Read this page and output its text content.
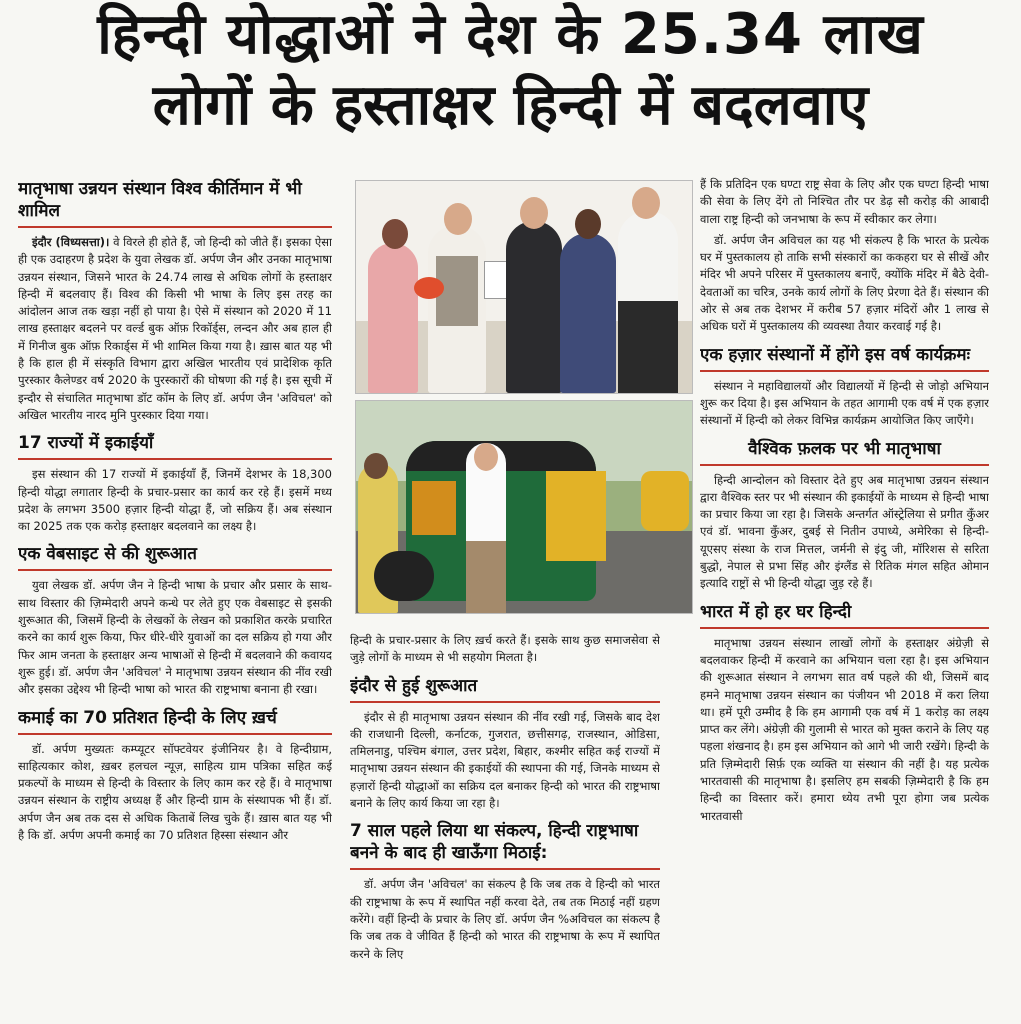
हिन्दी योद्धाओं ने देश के 25.34 लाख
लोगों के हस्ताक्षर हिन्दी में बदलवाए
मातृभाषा उन्नयन संस्थान विश्व कीर्तिमान में भी शामिल

इंदौर (विध्यसत्ता)। वे विरले ही होते हैं, जो हिन्दी को जीते हैं। इसका ऐसा ही एक उदाहरण है प्रदेश के युवा लेखक डॉ. अर्पण जैन और उनका मातृभाषा उन्नयन संस्थान, जिसने भारत के 24.74 लाख से अधिक लोगों के हस्ताक्षर हिन्दी में बदलवाए हैं। विश्व की किसी भी भाषा के लिए इस तरह का आंदोलन आज तक खड़ा नहीं हो पाया है। ऐसे में संस्थान को 2020 में 11 लाख हस्ताक्षर बदलने पर वर्ल्ड बुक ऑफ़ रिकॉर्ड्स, लन्दन और अब हाल ही में गिनीज बुक ऑफ़ रिकार्ड्स में भी शामिल किया गया है। ख़ास बात यह भी है कि हाल ही में संस्कृति विभाग द्वारा अखिल भारतीय एवं प्रादेशिक कृति पुरस्कार कैलेण्डर वर्ष 2020 के पुरस्कारों की घोषणा की गई है। इस सूची में इन्दौर से संचालित मातृभाषा डॉट कॉम के लिए डॉ. अर्पण जैन 'अविचल' को अखिल भारतीय नारद मुनि पुरस्कार दिया गया।

17 राज्यों में इकाईयाँ

इस संस्थान की 17 राज्यों में इकाईयाँ हैं, जिनमें देशभर के 18,300 हिन्दी योद्धा लगातार हिन्दी के प्रचार-प्रसार का कार्य कर रहे हैं। इसमें मध्य प्रदेश के लगभग 3500 हज़ार हिन्दी योद्धा हैं, जो सक्रिय हैं। अब संस्थान का 2025 तक एक करोड़ हस्ताक्षर बदलवाने का लक्ष्य है।

एक वेबसाइट से की शुरूआत

युवा लेखक डॉ. अर्पण जैन ने हिन्दी भाषा के प्रचार और प्रसार के साथ-साथ विस्तार की ज़िम्मेदारी अपने कन्धे पर लेते हुए एक वेबसाइट से इसकी शुरूआत की, जिसमें हिन्दी के लेखकों के लेखन को प्रकाशित करके प्रचारित करने का कार्य शुरू किया, फिर धीरे-धीरे युवाओं का दल सक्रिय हो गया और फिर आम जनता के हस्ताक्षर अन्य भाषाओं से हिन्दी में बदलवाने की कवायद शुरू हुई। डॉ. अर्पण जैन 'अविचल' ने मातृभाषा उन्नयन संस्थान की नींव रखी और इसका उद्देश्य भी हिन्दी भाषा को भारत की राष्ट्रभाषा बनाना ही रखा।

कमाई का 70 प्रतिशत हिन्दी के लिए ख़र्च

डॉ. अर्पण मुख्यतः कम्प्यूटर सॉफ्टवेयर इंजीनियर है। वे हिन्दीग्राम, साहित्यकार कोश, ख़बर हलचल न्यूज़, साहित्य ग्राम पत्रिका सहित कई प्रकल्पों के माध्यम से हिन्दी के विस्तार के लिए काम कर रहे हैं। वे मातृभाषा उन्नयन संस्थान के राष्ट्रीय अध्यक्ष हैं और हिन्दी ग्राम के संस्थापक भी हैं। डॉ. अर्पण जैन अब तक दस से अधिक किताबें लिख चुके हैं। ख़ास बात यह भी है कि डॉ. अर्पण अपनी कमाई का 70 प्रतिशत हिस्सा संस्थान और

हिन्दी के प्रचार-प्रसार के लिए ख़र्च करते हैं। इसके साथ कुछ समाजसेवा से जुड़े लोगों के माध्यम से भी सहयोग मिलता है।

इंदौर से हुई शुरूआत

इंदौर से ही मातृभाषा उन्नयन संस्थान की नींव रखी गई, जिसके बाद देश की राजधानी दिल्ली, कर्नाटक, गुजरात, छत्तीसगढ़, राजस्थान, ओडिसा, तमिलनाडु, पश्चिम बंगाल, उत्तर प्रदेश, बिहार, कश्मीर सहित कई राज्यों में मातृभाषा उन्नयन संस्थान की इकाईयों की स्थापना की गई, जिनके माध्यम से हज़ारों हिन्दी योद्धाओं का सक्रिय दल बनाकर हिन्दी को भारत की राष्ट्रभाषा बनाने के लिए कार्य किया जा रहा है।

7 साल पहले लिया था संकल्प, हिन्दी राष्ट्रभाषा बनने के बाद ही खाऊँगा मिठाई:

डॉ. अर्पण जैन 'अविचल' का संकल्प है कि जब तक वे हिन्दी को भारत की राष्ट्रभाषा के रूप में स्थापित नहीं करवा देते, तब तक मिठाई नहीं ग्रहण करेंगे। वहीं हिन्दी के प्रचार के लिए डॉ. अर्पण जैन %अविचल का संकल्प है कि जब तक वे जीवित हैं हिन्दी को भारत की राष्ट्रभाषा के रूप में स्थापित करने के लिए

हैं कि प्रतिदिन एक घण्टा राष्ट्र सेवा के लिए और एक घण्टा हिन्दी भाषा की सेवा के लिए देंगे तो निश्चित तौर पर डेढ़ सौ करोड़ की आबादी वाला राष्ट्र हिन्दी को जनभाषा के रूप में स्वीकार कर लेगा।

डॉ. अर्पण जैन अविचल का यह भी संकल्प है कि भारत के प्रत्येक घर में पुस्तकालय हो ताकि सभी संस्कारों का ककहरा घर से सीखें और मंदिर भी अपने परिसर में पुस्तकालय बनाएँ, क्योंकि मंदिर में बैठे देवी-देवताओं का चरित्र, उनके कार्य लोगों के लिए प्रेरणा देते हैं। संस्थान की ओर से अब तक देशभर में करीब 57 हज़ार मंदिरों और 1 लाख से अधिक घरों में पुस्तकालय की व्यवस्था तैयार करवाई गई है।

एक हज़ार संस्थानों में होंगे इस वर्ष कार्यक्रमः

संस्थान ने महाविद्यालयों और विद्यालयों में हिन्दी से जोड़ो अभियान शुरू कर दिया है। इस अभियान के तहत आगामी एक वर्ष में एक हज़ार संस्थानों में हिन्दी को लेकर विभिन्न कार्यक्रम आयोजित किए जाएँगे।

वैश्विक फ़लक पर भी मातृभाषा

हिन्दी आन्दोलन को विस्तार देते हुए अब मातृभाषा उन्नयन संस्थान द्वारा वैश्विक स्तर पर भी संस्थान की इकाईयों के माध्यम से हिन्दी भाषा का प्रचार किया जा रहा है। जिसके अन्तर्गत ऑस्ट्रेलिया से प्रगीत कुँअर एवं डॉ. भावना कुँअर, दुबई से नितीन उपाध्ये, अमेरिका से हिन्दी-यूएसए संस्था के राज मित्तल, जर्मनी से इंदु जी, मॉरिशस से सरिता बुद्धो, नेपाल से प्रभा सिंह और इंग्लैंड से रितिक मंगल सहित ओमान इत्यादि राष्ट्रों से भी हिन्दी योद्धा जुड़ रहे हैं।

भारत में हो हर घर हिन्दी

मातृभाषा उन्नयन संस्थान लाखों लोगों के हस्ताक्षर अंग्रेज़ी से बदलवाकर हिन्दी में करवाने का अभियान चला रहा है। इस अभियान की शुरूआत संस्थान ने लगभग सात वर्ष पहले की थी, जिसमें बाद हमने मातृभाषा उन्नयन संस्थान का पंजीयन भी 2018 में करा लिया था। हमें पूरी उम्मीद है कि हम आगामी एक वर्ष में 1 करोड़ का लक्ष्य प्राप्त कर लेंगे। अंग्रेज़ी की गुलामी से भारत को मुक्त कराने के लिए यह पहला शंखनाद है। हम इस अभियान को आगे भी जारी रखेंगे। हिन्दी के प्रति ज़िम्मेदारी सिर्फ़ एक व्यक्ति या संस्थान की नहीं है। यह प्रत्येक भारतवासी की मातृभाषा है। इसलिए हम सबकी ज़िम्मेदारी है कि हम हिन्दी का विस्तार करें। हमारा ध्येय तभी पूरा होगा जब प्रत्येक भारतवासी
